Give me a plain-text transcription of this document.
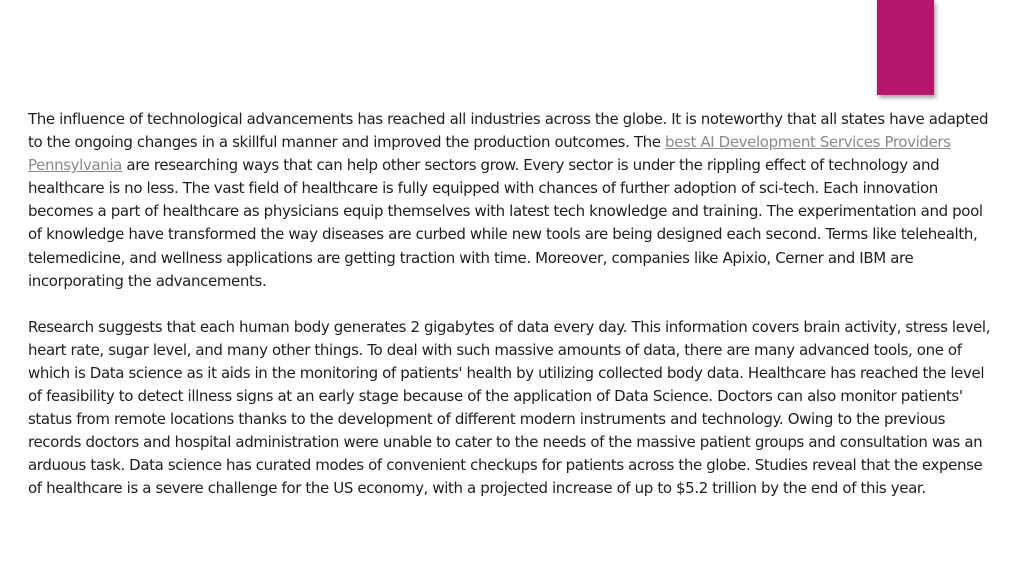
The influence of technological advancements has reached all industries across the globe. It is noteworthy that all states have adapted to the ongoing changes in a skillful manner and improved the production outcomes. The best AI Development Services Providers Pennsylvania are researching ways that can help other sectors grow. Every sector is under the rippling effect of technology and healthcare is no less. The vast field of healthcare is fully equipped with chances of further adoption of sci-tech. Each innovation becomes a part of healthcare as physicians equip themselves with latest tech knowledge and training. The experimentation and pool of knowledge have transformed the way diseases are curbed while new tools are being designed each second. Terms like telehealth, telemedicine, and wellness applications are getting traction with time. Moreover, companies like Apixio, Cerner and IBM are incorporating the advancements.

Research suggests that each human body generates 2 gigabytes of data every day. This information covers brain activity, stress level, heart rate, sugar level, and many other things. To deal with such massive amounts of data, there are many advanced tools, one of which is Data science as it aids in the monitoring of patients' health by utilizing collected body data. Healthcare has reached the level of feasibility to detect illness signs at an early stage because of the application of Data Science. Doctors can also monitor patients' status from remote locations thanks to the development of different modern instruments and technology. Owing to the previous records doctors and hospital administration were unable to cater to the needs of the massive patient groups and consultation was an arduous task. Data science has curated modes of convenient checkups for patients across the globe. Studies reveal that the expense of healthcare is a severe challenge for the US economy, with a projected increase of up to $5.2 trillion by the end of this year.
